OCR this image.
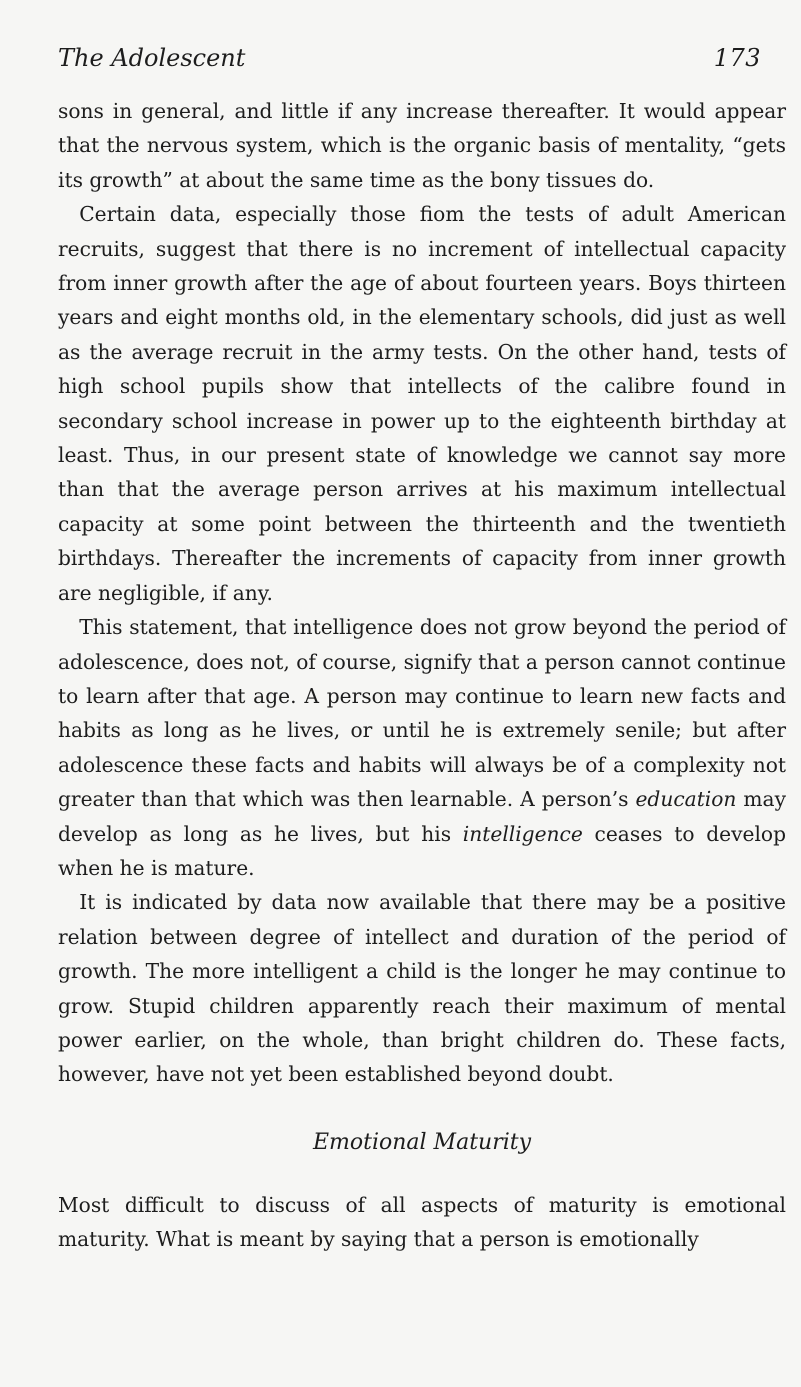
The Adolescent	173

sons in general, and little if any increase thereafter. It would appear that the nervous system, which is the organic basis of mentality, “gets its growth” at about the same time as the bony tissues do.

Certain data, especially those fiom the tests of adult American recruits, suggest that there is no increment of intellectual capacity from inner growth after the age of about fourteen years. Boys thirteen years and eight months old, in the elementary schools, did just as well as the average recruit in the army tests. On the other hand, tests of high school pupils show that intellects of the calibre found in secondary school increase in power up to the eighteenth birthday at least. Thus, in our present state of knowledge we cannot say more than that the average person arrives at his maximum intellectual capacity at some point between the thirteenth and the twentieth birthdays. Thereafter the increments of capacity from inner growth are negligible, if any.

This statement, that intelligence does not grow beyond the period of adolescence, does not, of course, signify that a person cannot continue to learn after that age. A person may continue to learn new facts and habits as long as he lives, or until he is extremely senile; but after adolescence these facts and habits will always be of a complexity not greater than that which was then learnable. A person’s education may develop as long as he lives, but his intelligence ceases to develop when he is mature.

It is indicated by data now available that there may be a positive relation between degree of intellect and duration of the period of growth. The more intelligent a child is the longer he may continue to grow. Stupid children apparently reach their maximum of mental power earlier, on the whole, than bright children do. These facts, however, have not yet been established beyond doubt.

Emotional Maturity

Most difficult to discuss of all aspects of maturity is emotional maturity. What is meant by saying that a person is emotionally
